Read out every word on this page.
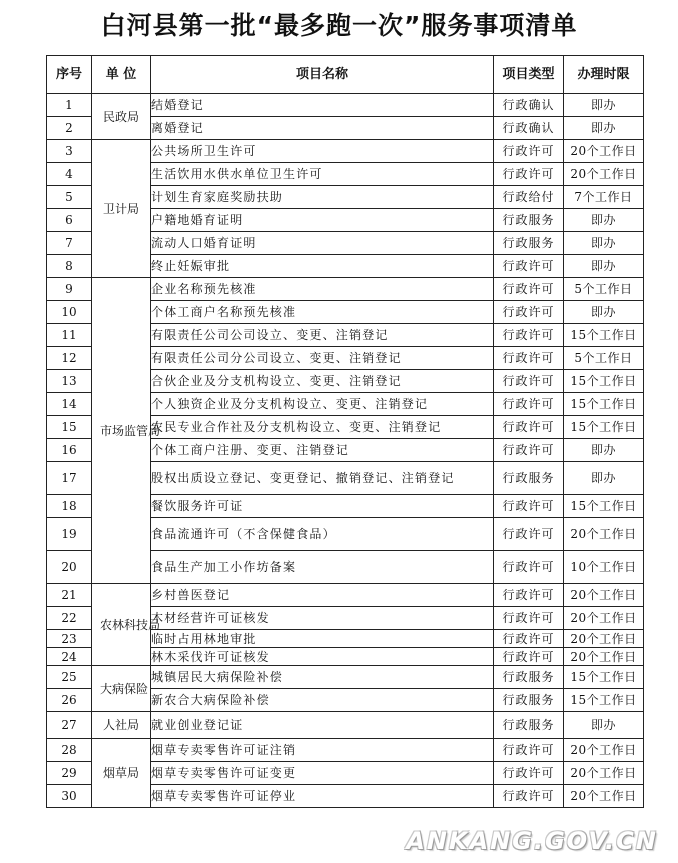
白河县第一批“最多跑一次”服务事项清单
序号	单 位	项目名称	项目类型	办理时限
1	民政局	结婚登记	行政确认	即办
2		离婚登记	行政确认	即办
3	卫计局	公共场所卫生许可	行政许可	20个工作日
4		生活饮用水供水单位卫生许可	行政许可	20个工作日
5		计划生育家庭奖励扶助	行政给付	7个工作日
6		户籍地婚育证明	行政服务	即办
7		流动人口婚育证明	行政服务	即办
8		终止妊娠审批	行政许可	即办
9	市场监管局	企业名称预先核准	行政许可	5个工作日
10		个体工商户名称预先核准	行政许可	即办
11		有限责任公司公司设立、变更、注销登记	行政许可	15个工作日
12		有限责任公司分公司设立、变更、注销登记	行政许可	5个工作日
13		合伙企业及分支机构设立、变更、注销登记	行政许可	15个工作日
14		个人独资企业及分支机构设立、变更、注销登记	行政许可	15个工作日
15		农民专业合作社及分支机构设立、变更、注销登记	行政许可	15个工作日
16		个体工商户注册、变更、注销登记	行政许可	即办
17		股权出质设立登记、变更登记、撤销登记、注销登记	行政服务	即办
18		餐饮服务许可证	行政许可	15个工作日
19		食品流通许可（不含保健食品）	行政许可	20个工作日
20		食品生产加工小作坊备案	行政许可	10个工作日
21	农林科技局	乡村兽医登记	行政许可	20个工作日
22		木材经营许可证核发	行政许可	20个工作日
23		临时占用林地审批	行政许可	20个工作日
24		林木采伐许可证核发	行政许可	20个工作日
25	大病保险	城镇居民大病保险补偿	行政服务	15个工作日
26		新农合大病保险补偿	行政服务	15个工作日
27	人社局	就业创业登记证	行政服务	即办
28	烟草局	烟草专卖零售许可证注销	行政许可	20个工作日
29		烟草专卖零售许可证变更	行政许可	20个工作日
30		烟草专卖零售许可证停业	行政许可	20个工作日
ANKANG.GOV.CN
